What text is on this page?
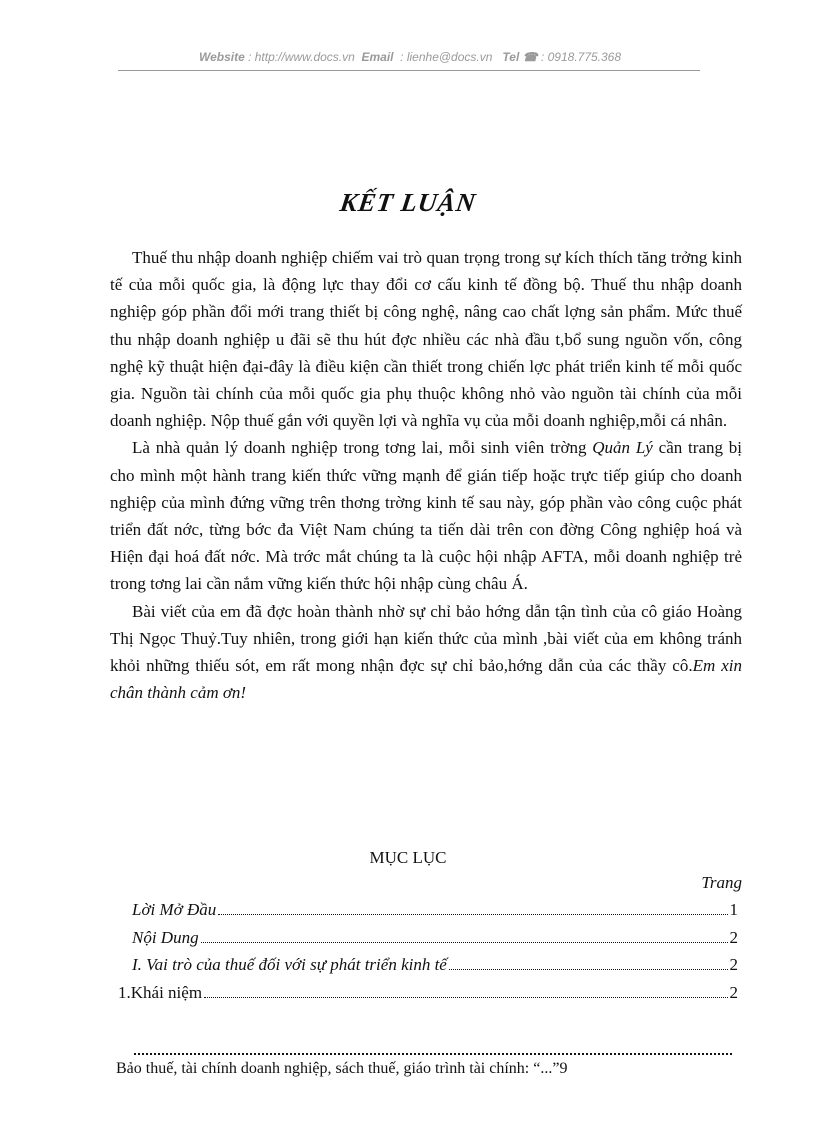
Website : http://www.docs.vn Email : lienhe@docs.vn Tel ☎ : 0918.775.368
KẾT LUẬN

Thuế thu nhập doanh nghiệp chiếm vai trò quan trọng trong sự kích thích tăng trởng kinh tế của mỗi quốc gia, là động lực thay đổi cơ cấu kinh tế đồng bộ. Thuế thu nhập doanh nghiệp góp phần đổi mới trang thiết bị công nghệ, nâng cao chất lợng sản phẩm. Mức thuế thu nhập doanh nghiệp u đãi sẽ thu hút đợc nhiều các nhà đầu t,bổ sung nguồn vốn, công nghệ kỹ thuật hiện đại-đây là điều kiện cần thiết trong chiến lợc phát triển kinh tế mỗi quốc gia. Nguồn tài chính của mỗi quốc gia phụ thuộc không nhỏ vào nguồn tài chính của mỗi doanh nghiệp. Nộp thuế gắn với quyền lợi và nghĩa vụ của mỗi doanh nghiệp,mỗi cá nhân.

Là nhà quản lý doanh nghiệp trong tơng lai, mỗi sinh viên trờng Quản Lý cần trang bị cho mình một hành trang kiến thức vững mạnh để gián tiếp hoặc trực tiếp giúp cho doanh nghiệp của mình đứng vững trên thơng trờng kinh tế sau này, góp phần vào công cuộc phát triển đất nớc, từng bớc đa Việt Nam chúng ta tiến dài trên con đờng Công nghiệp hoá và Hiện đại hoá đất nớc. Mà trớc mắt chúng ta là cuộc hội nhập AFTA, mỗi doanh nghiệp trẻ trong tơng lai cần nắm vững kiến thức hội nhập cùng châu Á.

Bài viết của em đã đợc hoàn thành nhờ sự chỉ bảo hớng dẫn tận tình của cô giáo Hoàng Thị Ngọc Thuỷ.Tuy nhiên, trong giới hạn kiến thức của mình ,bài viết của em không tránh khỏi những thiếu sót, em rất mong nhận đợc sự chỉ bảo,hớng dẫn của các thầy cô.Em xin chân thành cảm ơn!

MỤC LỤC
Trang
Lời Mở Đầu	1
Nội Dung	2
I. Vai trò của thuế đối với sự phát triển kinh tế	2
1.Khái niệm	2
Bảo thuế, tài chính doanh nghiệp, sách thuế, giáo trình tài chính: “...”9
